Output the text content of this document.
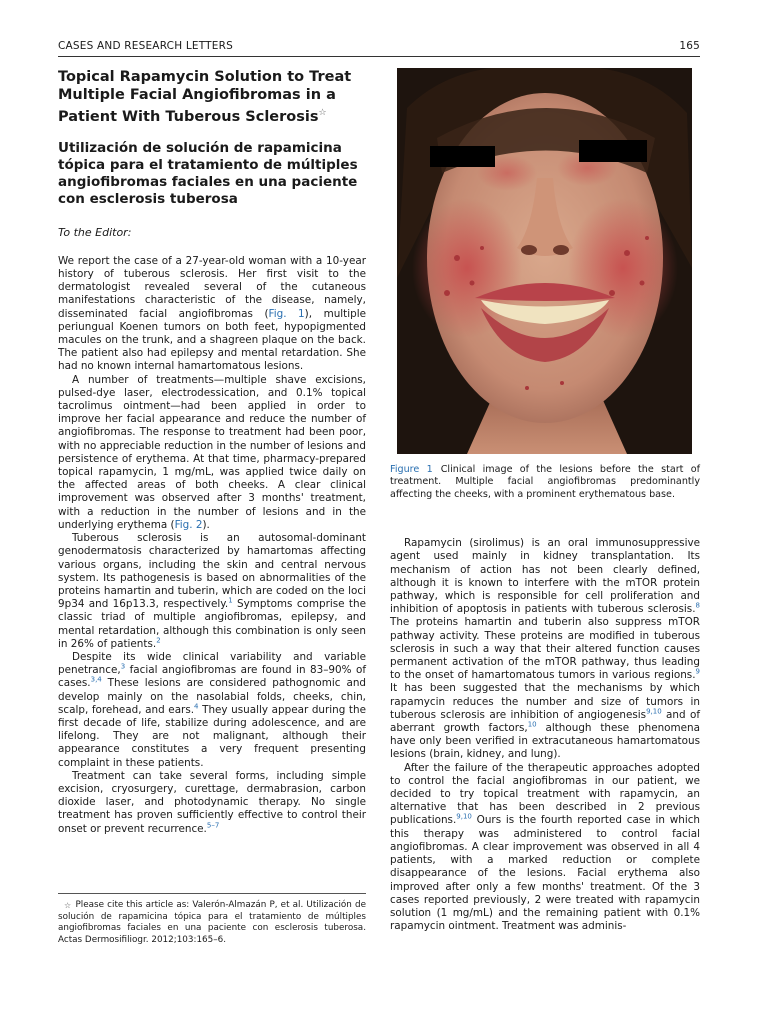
CASES AND RESEARCH LETTERS	165
Topical Rapamycin Solution to Treat Multiple Facial Angiofibromas in a Patient With Tuberous Sclerosis☆
Utilización de solución de rapamicina tópica para el tratamiento de múltiples angiofibromas faciales en una paciente con esclerosis tuberosa
To the Editor:

We report the case of a 27-year-old woman with a 10-year history of tuberous sclerosis. Her first visit to the dermatologist revealed several of the cutaneous manifestations characteristic of the disease, namely, disseminated facial angiofibromas (Fig. 1), multiple periungual Koenen tumors on both feet, hypopigmented macules on the trunk, and a shagreen plaque on the back. The patient also had epilepsy and mental retardation. She had no known internal hamartomatous lesions.

A number of treatments—multiple shave excisions, pulsed-dye laser, electrodessication, and 0.1% topical tacrolimus ointment—had been applied in order to improve her facial appearance and reduce the number of angiofibromas. The response to treatment had been poor, with no appreciable reduction in the number of lesions and persistence of erythema. At that time, pharmacy-prepared topical rapamycin, 1 mg/mL, was applied twice daily on the affected areas of both cheeks. A clear clinical improvement was observed after 3 months' treatment, with a reduction in the number of lesions and in the underlying erythema (Fig. 2).

Tuberous sclerosis is an autosomal-dominant genodermatosis characterized by hamartomas affecting various organs, including the skin and central nervous system. Its pathogenesis is based on abnormalities of the proteins hamartin and tuberin, which are coded on the loci 9p34 and 16p13.3, respectively.$^1$ Symptoms comprise the classic triad of multiple angiofibromas, epilepsy, and mental retardation, although this combination is only seen in 26% of patients.$^2$

Despite its wide clinical variability and variable penetrance,$^3$ facial angiofibromas are found in 83–90% of cases.$^{3,4}$ These lesions are considered pathognomic and develop mainly on the nasolabial folds, cheeks, chin, scalp, forehead, and ears.$^4$ They usually appear during the first decade of life, stabilize during adolescence, and are lifelong. They are not malignant, although their appearance constitutes a very frequent presenting complaint in these patients.

Treatment can take several forms, including simple excision, cryosurgery, curettage, dermabrasion, carbon dioxide laser, and photodynamic therapy. No single treatment has proven sufficiently effective to control their onset or prevent recurrence.$^{5-7}$

☆ Please cite this article as: Valerón-Almazán P, et al. Utilización de solución de rapamicina tópica para el tratamiento de múltiples angiofibromas faciales en una paciente con esclerosis tuberosa. Actas Dermosifiliogr. 2012;103:165–6.
Figure 1 Clinical image of the lesions before the start of treatment. Multiple facial angiofibromas predominantly affecting the cheeks, with a prominent erythematous base.

Rapamycin (sirolimus) is an oral immunosuppressive agent used mainly in kidney transplantation. Its mechanism of action has not been clearly defined, although it is known to interfere with the mTOR protein pathway, which is responsible for cell proliferation and inhibition of apoptosis in patients with tuberous sclerosis.$^8$ The proteins hamartin and tuberin also suppress mTOR pathway activity. These proteins are modified in tuberous sclerosis in such a way that their altered function causes permanent activation of the mTOR pathway, thus leading to the onset of hamartomatous tumors in various regions.$^9$ It has been suggested that the mechanisms by which rapamycin reduces the number and size of tumors in tuberous sclerosis are inhibition of angiogenesis$^{9,10}$ and of aberrant growth factors,$^{10}$ although these phenomena have only been verified in extracutaneous hamartomatous lesions (brain, kidney, and lung).

After the failure of the therapeutic approaches adopted to control the facial angiofibromas in our patient, we decided to try topical treatment with rapamycin, an alternative that has been described in 2 previous publications.$^{9,10}$ Ours is the fourth reported case in which this therapy was administered to control facial angiofibromas. A clear improvement was observed in all 4 patients, with a marked reduction or complete disappearance of the lesions. Facial erythema also improved after only a few months' treatment. Of the 3 cases reported previously, 2 were treated with rapamycin solution (1 mg/mL) and the remaining patient with 0.1% rapamycin ointment. Treatment was adminis-
